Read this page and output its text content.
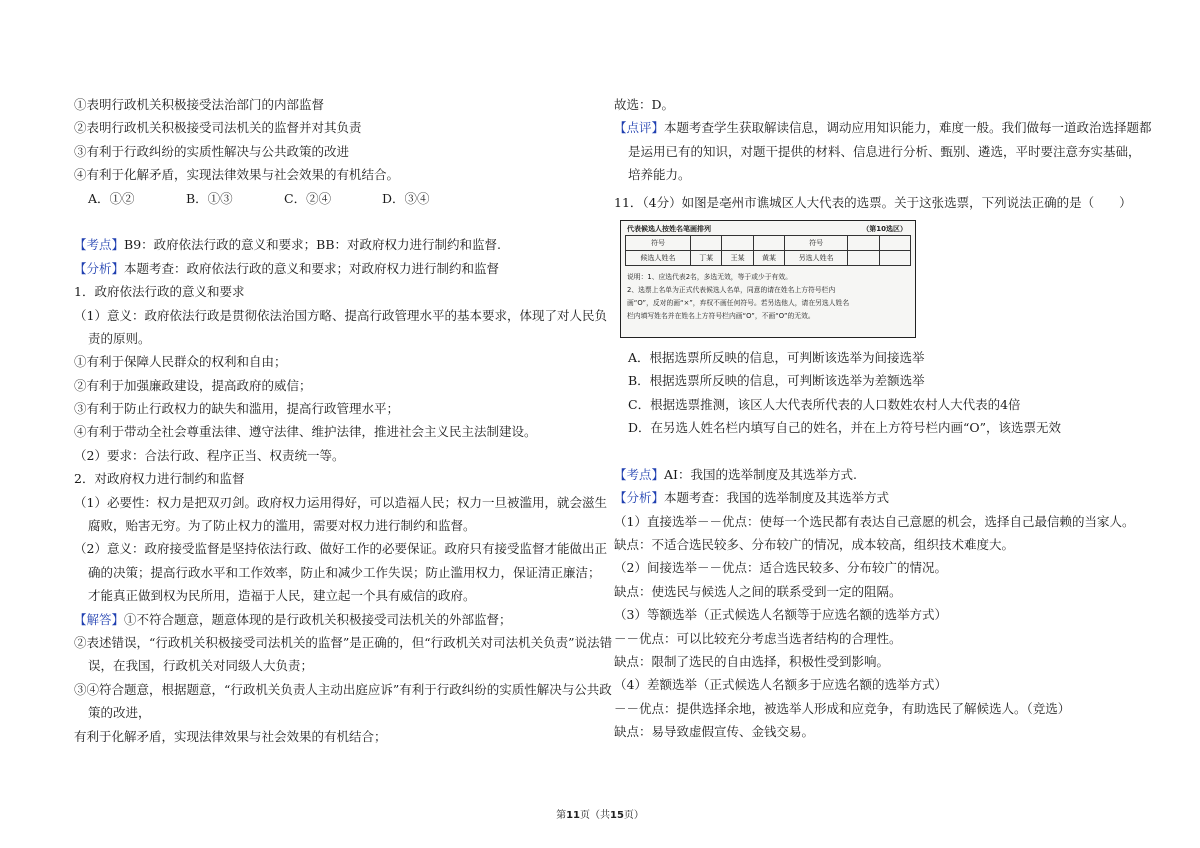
①表明行政机关积极接受法治部门的内部监督
②表明行政机关积极接受司法机关的监督并对其负责
③有利于行政纠纷的实质性解决与公共政策的改进
④有利于化解矛盾，实现法律效果与社会效果的有机结合。
A．①②	B．①③	C．②④	D．③④
【考点】B9：政府依法行政的意义和要求；BB：对政府权力进行制约和监督.
【分析】本题考查：政府依法行政的意义和要求；对政府权力进行制约和监督
1．政府依法行政的意义和要求
（1）意义：政府依法行政是贯彻依法治国方略、提高行政管理水平的基本要求，体现了对人民负
责的原则。
①有利于保障人民群众的权利和自由；
②有利于加强廉政建设，提高政府的威信；
③有利于防止行政权力的缺失和滥用，提高行政管理水平；
④有利于带动全社会尊重法律、遵守法律、维护法律，推进社会主义民主法制建设。
（2）要求：合法行政、程序正当、权责统一等。
2．对政府权力进行制约和监督
（1）必要性：权力是把双刃剑。政府权力运用得好，可以造福人民；权力一旦被滥用，就会滋生
腐败，贻害无穷。为了防止权力的滥用，需要对权力进行制约和监督。
（2）意义：政府接受监督是坚持依法行政、做好工作的必要保证。政府只有接受监督才能做出正
确的决策；提高行政水平和工作效率，防止和减少工作失误；防止滥用权力，保证清正廉洁；
才能真正做到权为民所用，造福于人民，建立起一个具有威信的政府。
【解答】①不符合题意，题意体现的是行政机关积极接受司法机关的外部监督；
②表述错误，“行政机关积极接受司法机关的监督”是正确的，但“行政机关对司法机关负责”说法错
误，在我国，行政机关对同级人大负责；
③④符合题意，根据题意，“行政机关负责人主动出庭应诉”有利于行政纠纷的实质性解决与公共政
策的改进，
有利于化解矛盾，实现法律效果与社会效果的有机结合；
故选：D。
【点评】本题考查学生获取解读信息，调动应用知识能力，难度一般。我们做每一道政治选择题都
是运用已有的知识，对题干提供的材料、信息进行分析、甄别、遴选，平时要注意夯实基础，
培养能力。
11．（4分）如图是亳州市谯城区人大代表的选票。关于这张选票，下列说法正确的是（　　）
代表候选人按姓名笔画排列	（第10选区）
符号				符号		
候选人姓名	丁某	王某	黄某	另选人姓名		
说明：1、应选代表2名，多选无效，等于或少于有效。
2、选票上名单为正式代表候选人名单，同意的请在姓名上方符号栏内
画“O”，反对的画“×”，弃权不画任何符号。若另选他人，请在另选人姓名
栏内填写姓名并在姓名上方符号栏内画“O”，不画“O”的无效。
A．根据选票所反映的信息，可判断该选举为间接选举
B．根据选票所反映的信息，可判断该选举为差额选举
C．根据选票推测，该区人大代表所代表的人口数姓农村人大代表的4倍
D．在另选人姓名栏内填写自己的姓名，并在上方符号栏内画“O”，该选票无效
【考点】AI：我国的选举制度及其选举方式.
【分析】本题考查：我国的选举制度及其选举方式
（1）直接选举－－优点：使每一个选民都有表达自己意愿的机会，选择自己最信赖的当家人。
缺点：不适合选民较多、分布较广的情况，成本较高，组织技术难度大。
（2）间接选举－－优点：适合选民较多、分布较广的情况。
缺点：使选民与候选人之间的联系受到一定的阻隔。
（3）等额选举（正式候选人名额等于应选名额的选举方式）
－－优点：可以比较充分考虑当选者结构的合理性。
缺点：限制了选民的自由选择，积极性受到影响。
（4）差额选举（正式候选人名额多于应选名额的选举方式）
－－优点：提供选择余地，被选举人形成和应竞争，有助选民了解候选人。（竞选）
缺点：易导致虚假宣传、金钱交易。
第11页（共15页）
